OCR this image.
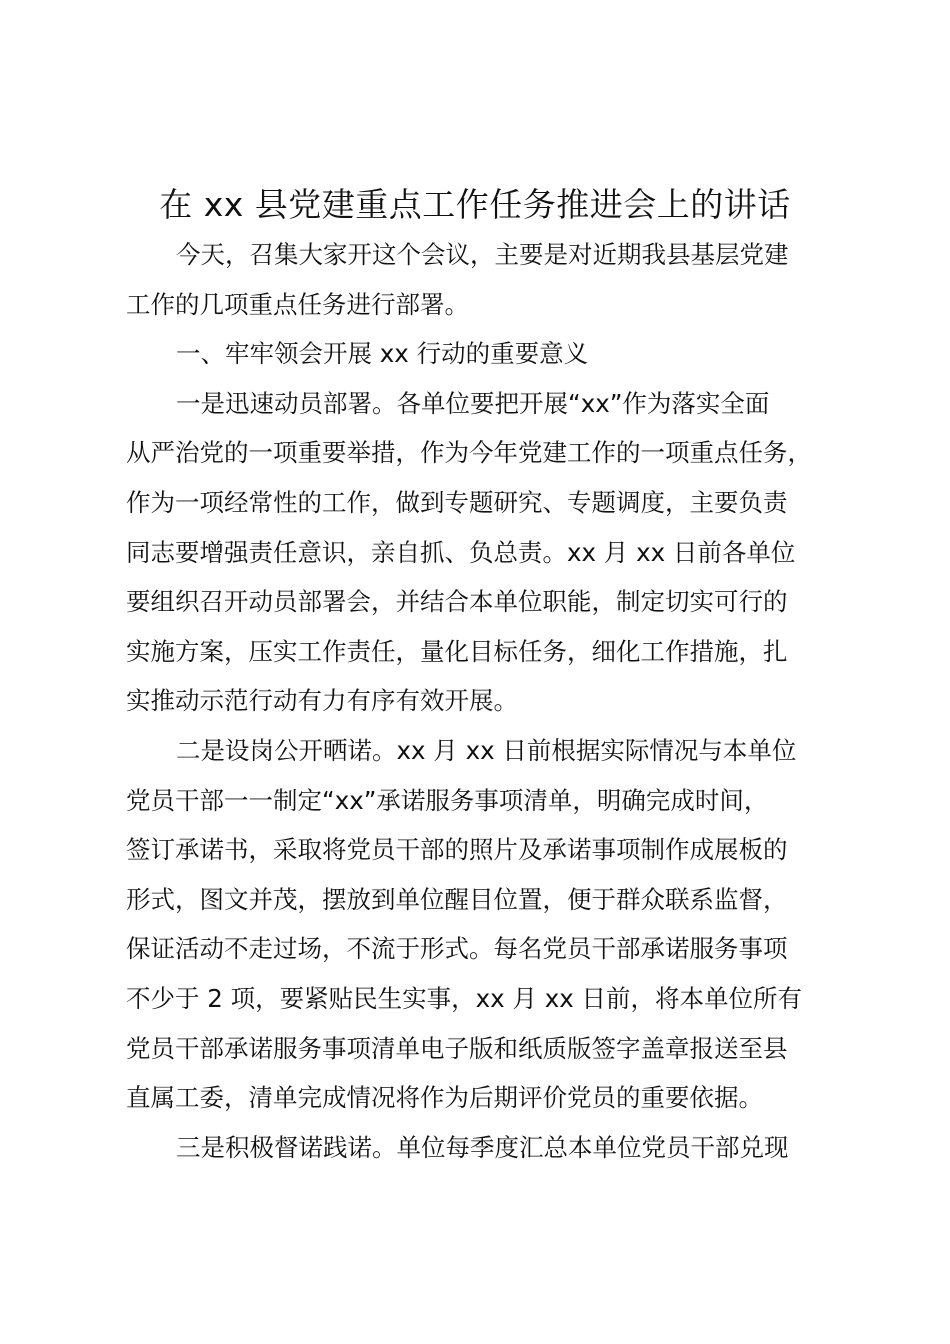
在 xx 县党建重点工作任务推进会上的讲话

今天，召集大家开这个会议，主要是对近期我县基层党建
工作的几项重点任务进行部署。

一、牢牢领会开展 xx 行动的重要意义

一是迅速动员部署。各单位要把开展“xx”作为落实全面
从严治党的一项重要举措，作为今年党建工作的一项重点任务，
作为一项经常性的工作，做到专题研究、专题调度，主要负责
同志要增强责任意识，亲自抓、负总责。xx 月 xx 日前各单位
要组织召开动员部署会，并结合本单位职能，制定切实可行的
实施方案，压实工作责任，量化目标任务，细化工作措施，扎
实推动示范行动有力有序有效开展。

二是设岗公开晒诺。xx 月 xx 日前根据实际情况与本单位
党员干部一一制定“xx”承诺服务事项清单，明确完成时间，
签订承诺书，采取将党员干部的照片及承诺事项制作成展板的
形式，图文并茂，摆放到单位醒目位置，便于群众联系监督，
保证活动不走过场，不流于形式。每名党员干部承诺服务事项
不少于 2 项，要紧贴民生实事，xx 月 xx 日前，将本单位所有
党员干部承诺服务事项清单电子版和纸质版签字盖章报送至县
直属工委，清单完成情况将作为后期评价党员的重要依据。

三是积极督诺践诺。单位每季度汇总本单位党员干部兑现
